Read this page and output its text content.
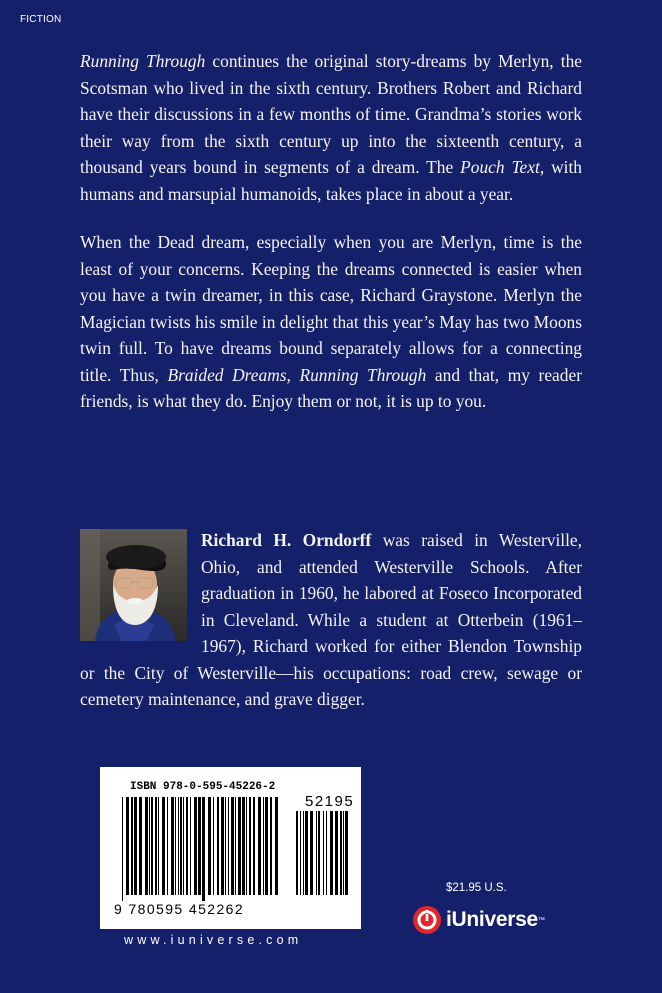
FICTION

Running Through continues the original story-dreams by Merlyn, the Scotsman who lived in the sixth century. Brothers Robert and Richard have their discussions in a few months of time. Grandma’s stories work their way from the sixth century up into the sixteenth century, a thousand years bound in segments of a dream. The Pouch Text, with humans and marsupial humanoids, takes place in about a year.

When the Dead dream, especially when you are Merlyn, time is the least of your concerns. Keeping the dreams connected is easier when you have a twin dreamer, in this case, Richard Graystone. Merlyn the Magician twists his smile in delight that this year’s May has two Moons twin full. To have dreams bound separately allows for a connecting title. Thus, Braided Dreams, Running Through and that, my reader friends, is what they do. Enjoy them or not, it is up to you.

Richard H. Orndorff was raised in Westerville, Ohio, and attended Westerville Schools. After graduation in 1960, he labored at Foseco Incorporated in Cleveland. While a student at Otterbein (1961–1967), Richard worked for either Blendon Township or the City of Westerville—his occupations: road crew, sewage or cemetery maintenance, and grave digger.
ISBN 978-0-595-45226-2
52195
9 780595 452262
www.iuniverse.com
$21.95 U.S.
iUniverse ™
